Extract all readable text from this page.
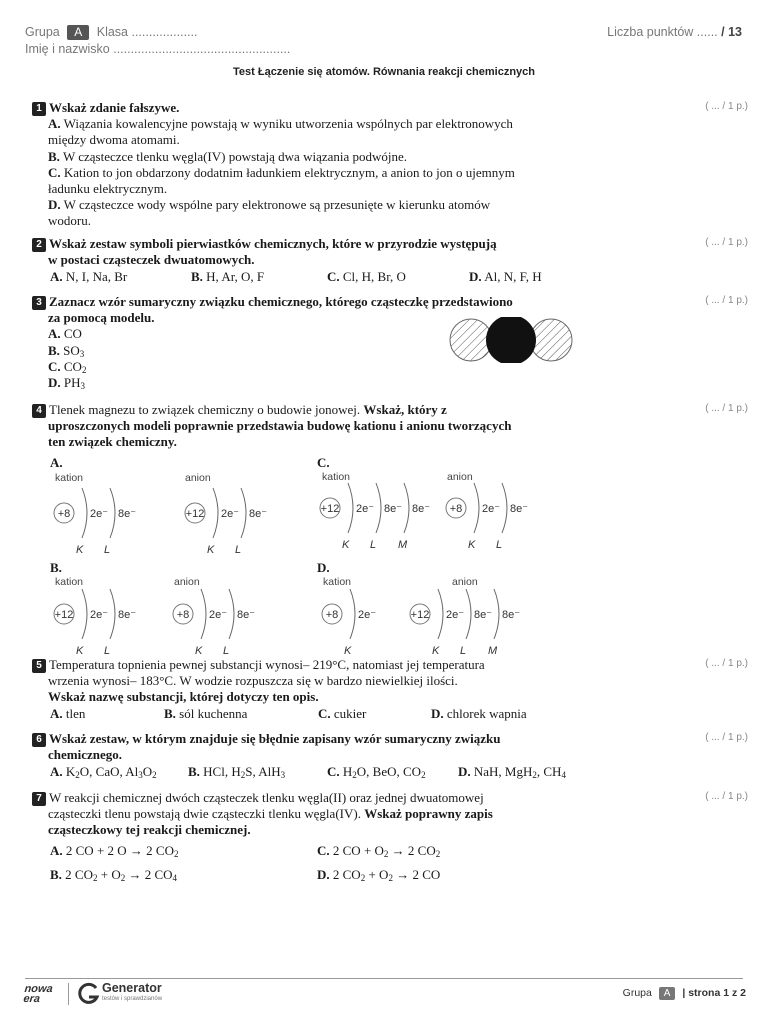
Grupa A Klasa ...................
Imię i nazwisko ...................................................
Liczba punktów ...... / 13
Test Łączenie się atomów. Równania reakcji chemicznych
1 Wskaż zdanie fałszywe.
A. Wiązania kowalencyjne powstają w wyniku utworzenia wspólnych par elektronowych
między dwoma atomami.
B. W cząsteczce tlenku węgla(IV) powstają dwa wiązania podwójne.
C. Kation to jon obdarzony dodatnim ładunkiem elektrycznym, a anion to jon o ujemnym
ładunku elektrycznym.
D. W cząsteczce wody wspólne pary elektronowe są przesunięte w kierunku atomów
wodoru.
( ... / 1 p.)
2 Wskaż zestaw symboli pierwiastków chemicznych, które w przyrodzie występują
w postaci cząsteczek dwuatomowych.
A. N, I, Na, Br	B. H, Ar, O, F	C. Cl, H, Br, O	D. Al, N, F, H
( ... / 1 p.)
3 Zaznacz wzór sumaryczny związku chemicznego, którego cząsteczkę przedstawiono
za pomocą modelu.
A. CO
B. $SO_3$
C. $CO_2$
D. $PH_3$
( ... / 1 p.)
4 Tlenek magnezu to związek chemiczny o budowie jonowej. Wskaż, który z
uproszczonych modeli poprawnie przedstawia budowę kationu i anionu tworzących
ten związek chemiczny.
( ... / 1 p.)
A.	C.
B.	D.
kation	anion
+8 2e⁻
K
8e⁻
L
+12 2e⁻
K
8e⁻
L
kation	anion
+12 2e⁻
K
8e⁻
L
8e⁻
M
+8 2e⁻
K
8e⁻
L
kation	anion
+12 2e⁻
K
8e⁻
L
+8 2e⁻
K
8e⁻
L
kation	anion
+8 2e⁻
K
+12 2e⁻
K
8e⁻
L
8e⁻
M
5 Temperatura topnienia pewnej substancji wynosi– 219°C, natomiast jej temperatura
wrzenia wynosi– 183°C. W wodzie rozpuszcza się w bardzo niewielkiej ilości.
Wskaż nazwę substancji, której dotyczy ten opis.
A. tlen	B. sól kuchenna	C. cukier	D. chlorek wapnia
( ... / 1 p.)
6 Wskaż zestaw, w którym znajduje się błędnie zapisany wzór sumaryczny związku
chemicznego.
A. $K_2O$, CaO, $Al_3O_2$	B. HCl, $H_2S$, AlH$_3$	C. $H_2O$, BeO, $CO_2$	D. NaH, MgH$_2$, $CH_4$
( ... / 1 p.)
7 W reakcji chemicznej dwóch cząsteczek tlenku węgla(II) oraz jednej dwuatomowej
cząsteczki tlenu powstają dwie cząsteczki tlenku węgla(IV). Wskaż poprawny zapis
cząsteczkowy tej reakcji chemicznej.
( ... / 1 p.)
A. 2 CO + 2 O → 2 $CO_2$	C. 2 CO + $O_2 \to 2$ $CO_2$
B. 2 $CO_2 + O_2 \to 2$ $CO_4$	D. 2 $CO_2 + O_2 \to 2$ CO
nowa era
Generator
testów i sprawdzianów	Grupa A | strona 1 z 2
